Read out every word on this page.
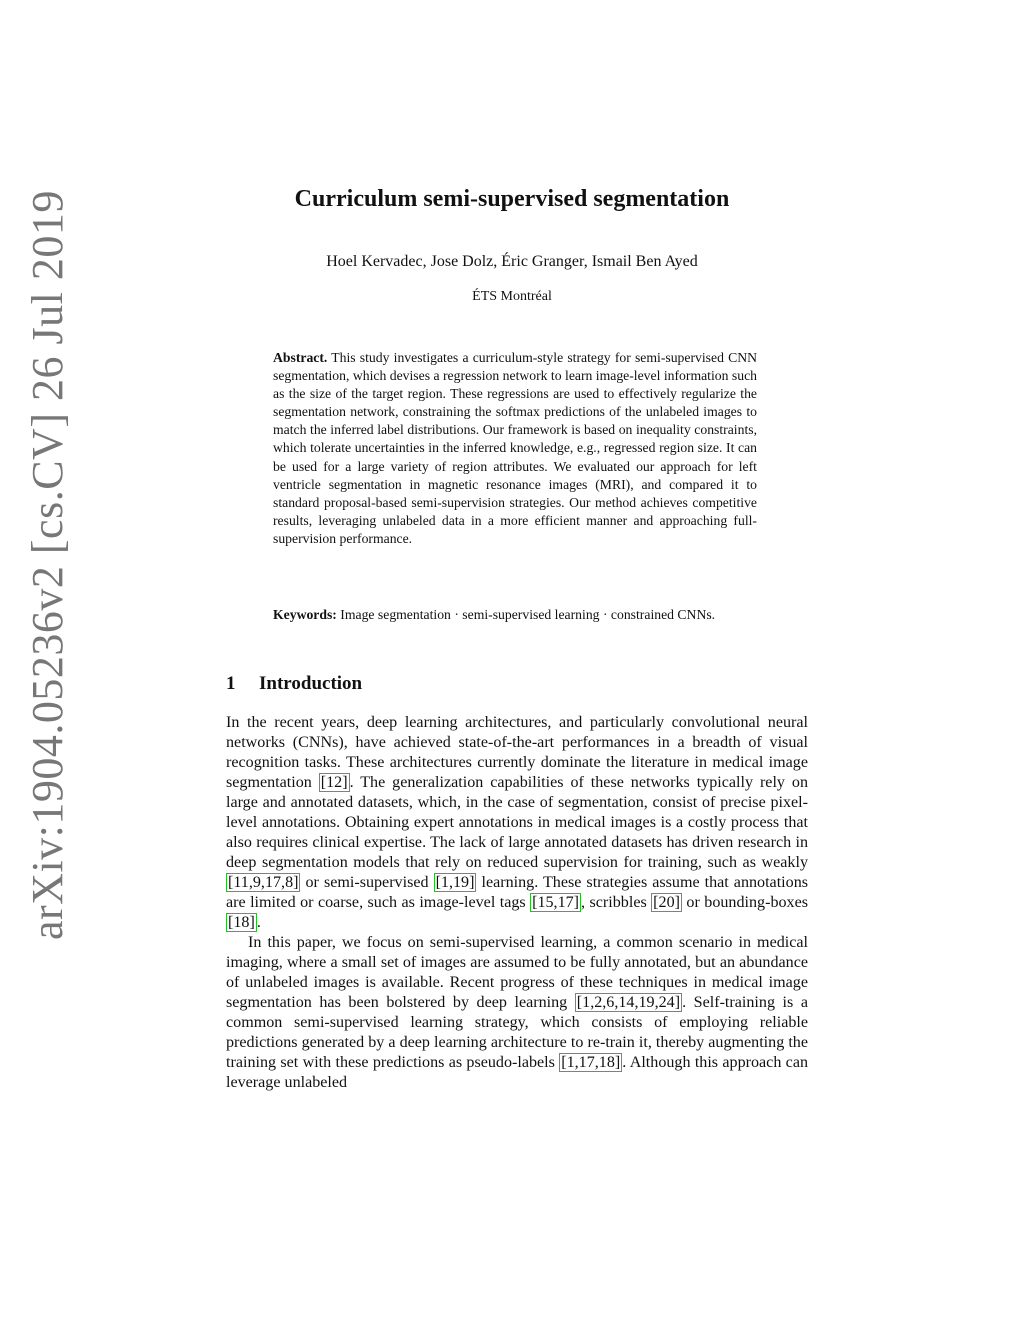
arXiv:1904.05236v2 [cs.CV] 26 Jul 2019	Curriculum semi-supervised segmentation
Hoel Kervadec, Jose Dolz, Éric Granger, Ismail Ben Ayed
ÉTS Montréal
Abstract. This study investigates a curriculum-style strategy for semi-supervised CNN segmentation, which devises a regression network to learn image-level information such as the size of the target region. These regressions are used to effectively regularize the segmentation network, constraining the softmax predictions of the unlabeled images to match the inferred label distributions. Our framework is based on inequality constraints, which tolerate uncertainties in the inferred knowledge, e.g., regressed region size. It can be used for a large variety of region attributes. We evaluated our approach for left ventricle segmentation in magnetic resonance images (MRI), and compared it to standard proposal-based semi-supervision strategies. Our method achieves competitive results, leveraging unlabeled data in a more efficient manner and approaching full-supervision performance.
Keywords: Image segmentation · semi-supervised learning · constrained CNNs.
1 Introduction

In the recent years, deep learning architectures, and particularly convolutional neural networks (CNNs), have achieved state-of-the-art performances in a breadth of visual recognition tasks. These architectures currently dominate the literature in medical image segmentation [12] . The generalization capabilities of these networks typically rely on large and annotated datasets, which, in the case of segmentation, consist of precise pixel-level annotations. Obtaining expert annotations in medical images is a costly process that also requires clinical expertise. The lack of large annotated datasets has driven research in deep segmentation models that rely on reduced supervision for training, such as weakly [11,9,17,8] or semi-supervised [1,19] learning. These strategies assume that annotations are limited or coarse, such as image-level tags [15,17] , scribbles [20] or bounding-boxes [18] .

In this paper, we focus on semi-supervised learning, a common scenario in medical imaging, where a small set of images are assumed to be fully annotated, but an abundance of unlabeled images is available. Recent progress of these techniques in medical image segmentation has been bolstered by deep learning [1,2,6,14,19,24] . Self-training is a common semi-supervised learning strategy, which consists of employing reliable predictions generated by a deep learning architecture to re-train it, thereby augmenting the training set with these predictions as pseudo-labels [1,17,18] . Although this approach can leverage unlabeled
